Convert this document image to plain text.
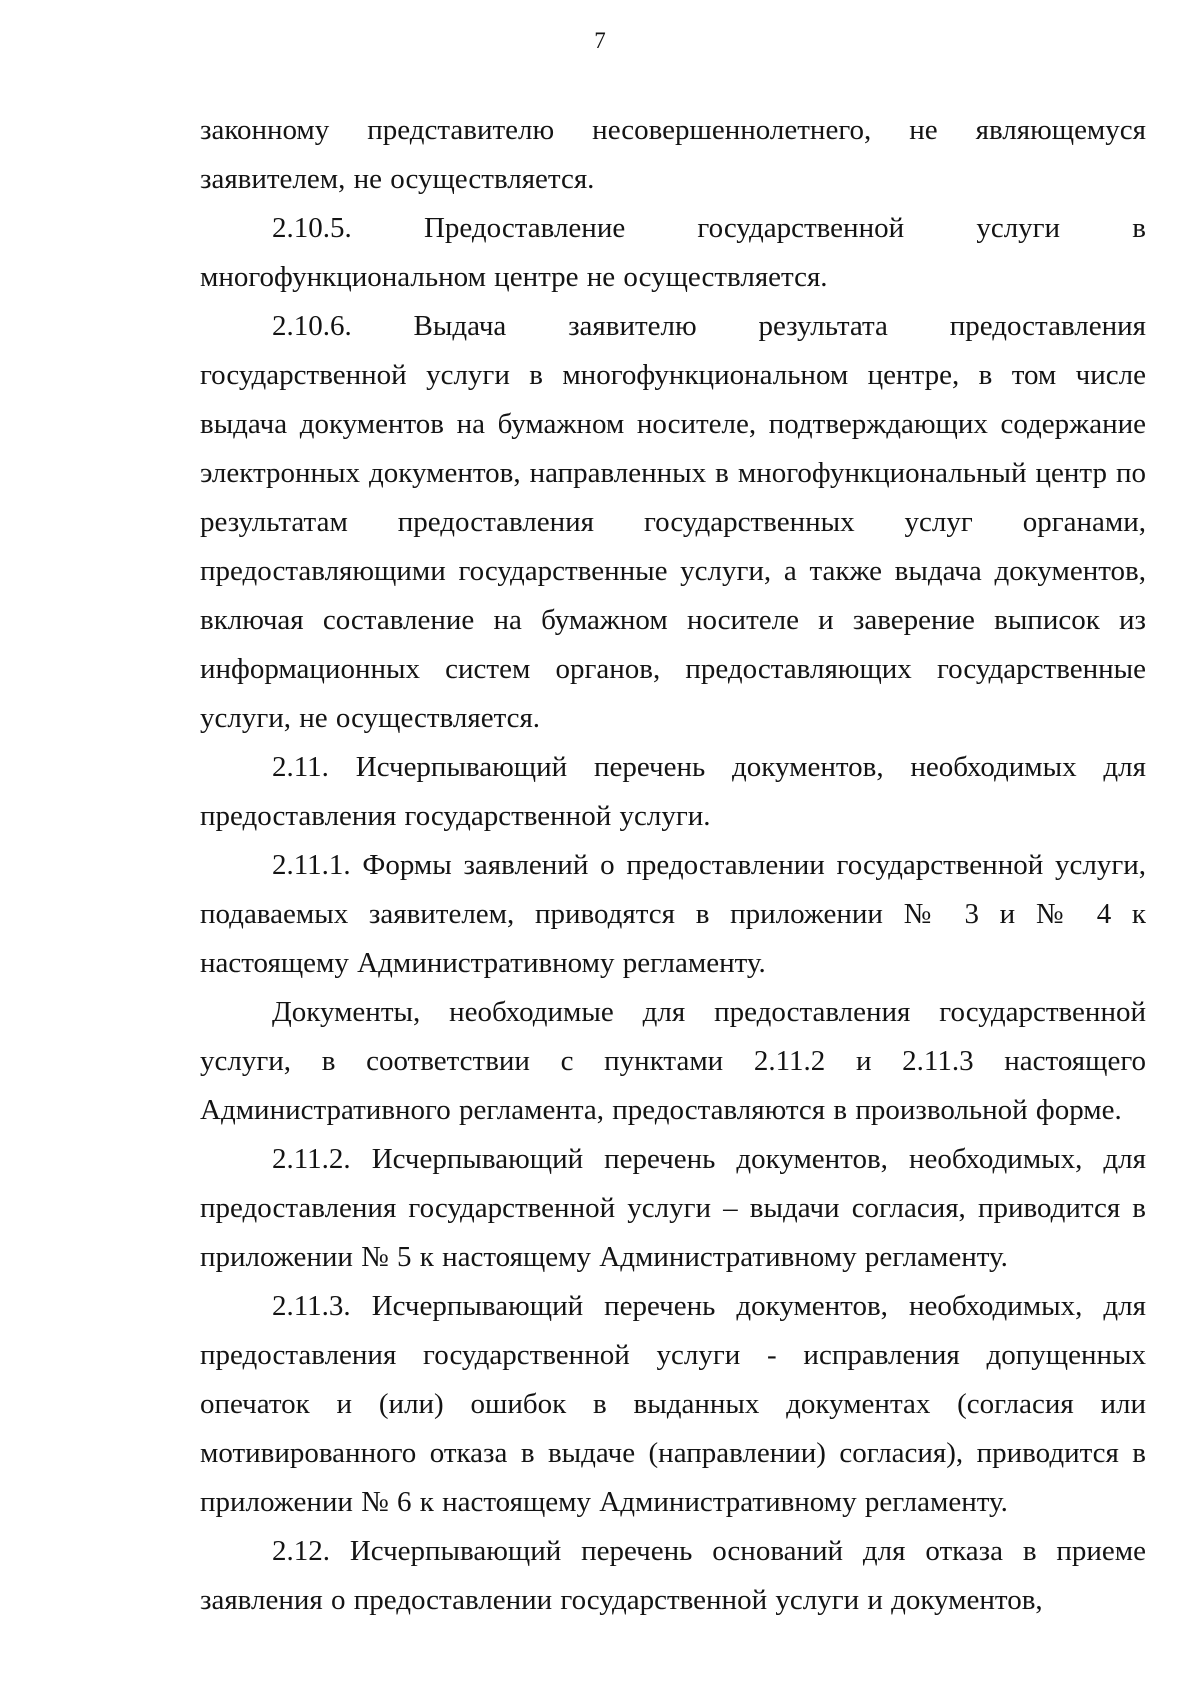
7

законному представителю несовершеннолетнего, не являющемуся заявителем, не осуществляется.

2.10.5. Предоставление государственной услуги в многофункциональном центре не осуществляется.

2.10.6. Выдача заявителю результата предоставления государственной услуги в многофункциональном центре, в том числе выдача документов на бумажном носителе, подтверждающих содержание электронных документов, направленных в многофункциональный центр по результатам предоставления государственных услуг органами, предоставляющими государственные услуги, а также выдача документов, включая составление на бумажном носителе и заверение выписок из информационных систем органов, предоставляющих государственные услуги, не осуществляется.

2.11. Исчерпывающий перечень документов, необходимых для предоставления государственной услуги.

2.11.1. Формы заявлений о предоставлении государственной услуги, подаваемых заявителем, приводятся в приложении № 3 и № 4 к настоящему Административному регламенту.

Документы, необходимые для предоставления государственной услуги, в соответствии с пунктами 2.11.2 и 2.11.3 настоящего Административного регламента, предоставляются в произвольной форме.

2.11.2. Исчерпывающий перечень документов, необходимых, для предоставления государственной услуги – выдачи согласия, приводится в приложении № 5 к настоящему Административному регламенту.

2.11.3. Исчерпывающий перечень документов, необходимых, для предоставления государственной услуги - исправления допущенных опечаток и (или) ошибок в выданных документах (согласия или мотивированного отказа в выдаче (направлении) согласия), приводится в приложении № 6 к настоящему Административному регламенту.

2.12. Исчерпывающий перечень оснований для отказа в приеме заявления о предоставлении государственной услуги и документов,
